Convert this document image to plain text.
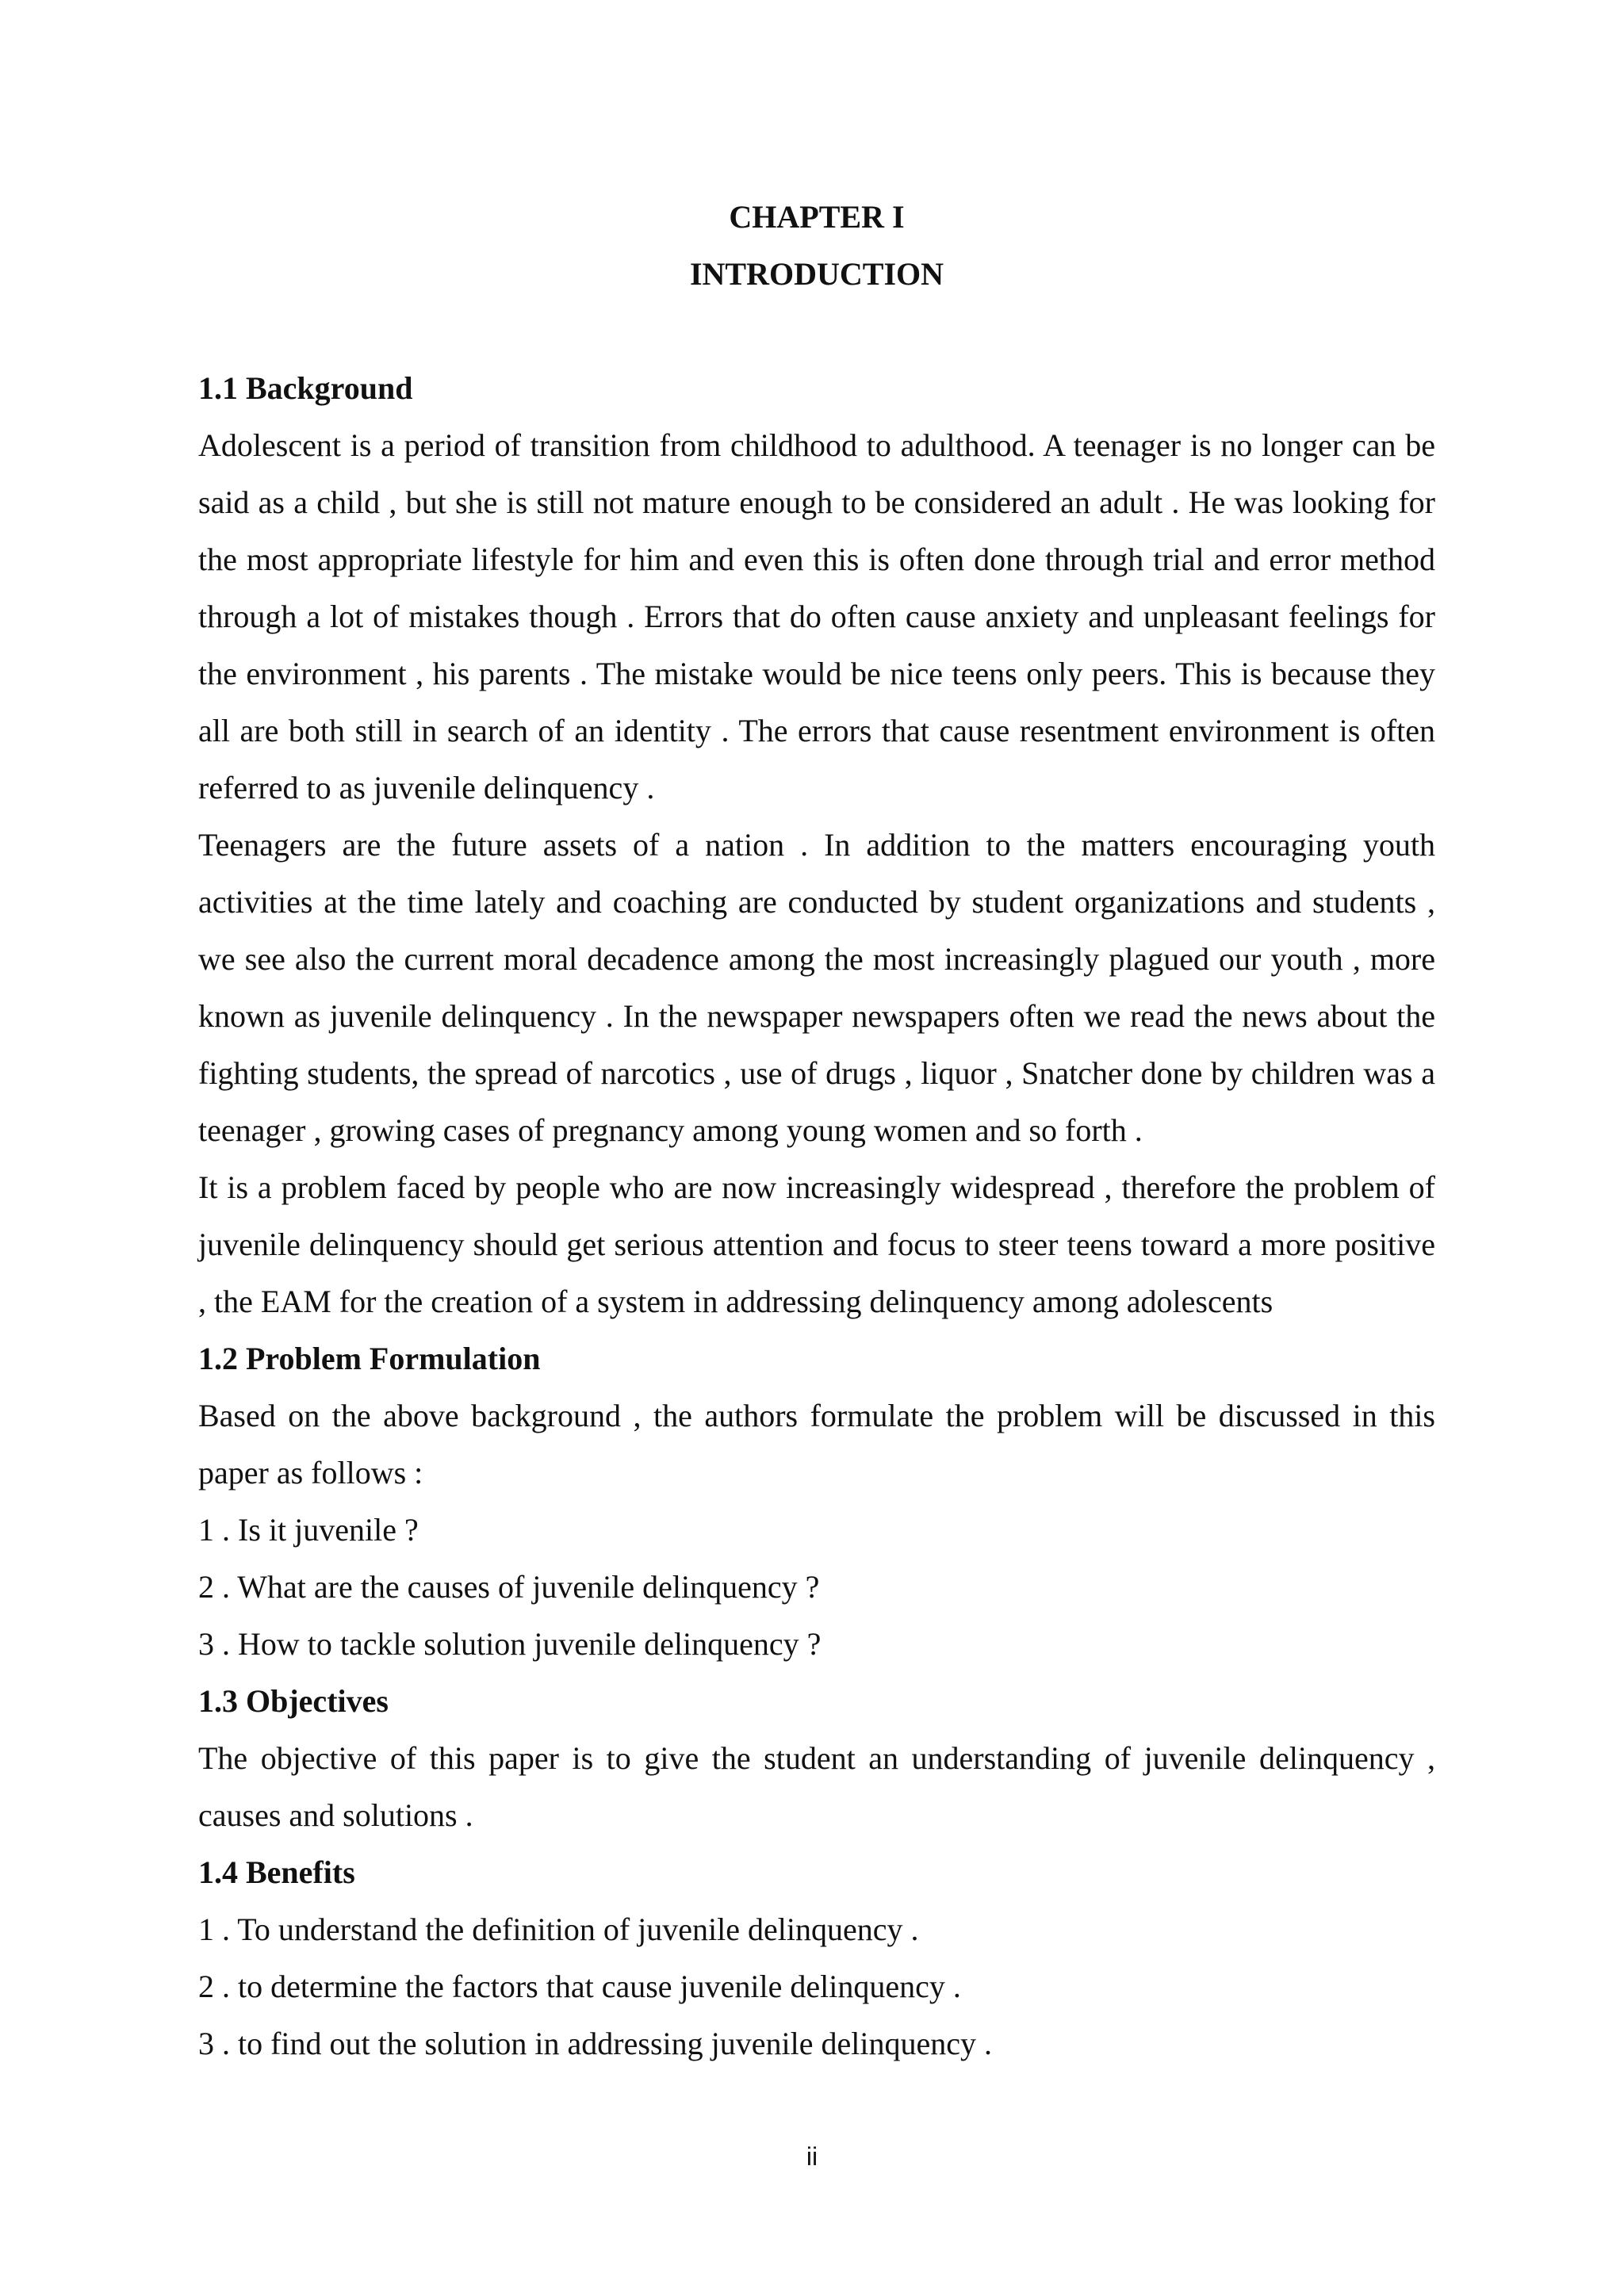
CHAPTER I

INTRODUCTION

1.1 Background

Adolescent is a period of transition from childhood to adulthood. A teenager is no longer can be said as a child , but she is still not mature enough to be considered an adult . He was looking for the most appropriate lifestyle for him and even this is often done through trial and error method through a lot of mistakes though . Errors that do often cause anxiety and unpleasant feelings for the environment , his parents . The mistake would be nice teens only peers. This is because they all are both still in search of an identity . The errors that cause resentment environment is often referred to as juvenile delinquency .

Teenagers are the future assets of a nation . In addition to the matters encouraging youth activities at the time lately and coaching are conducted by student organizations and students , we see also the current moral decadence among the most increasingly plagued our youth , more known as juvenile delinquency . In the newspaper newspapers often we read the news about the fighting students, the spread of narcotics , use of drugs , liquor , Snatcher done by children was a teenager , growing cases of pregnancy among young women and so forth .

It is a problem faced by people who are now increasingly widespread , therefore the problem of juvenile delinquency should get serious attention and focus to steer teens toward a more positive , the EAM for the creation of a system in addressing delinquency among adolescents

1.2 Problem Formulation

Based on the above background , the authors formulate the problem will be discussed in this paper as follows :

1 . Is it juvenile ?

2 . What are the causes of juvenile delinquency ?

3 . How to tackle solution juvenile delinquency ?

1.3 Objectives

The objective of this paper is to give the student an understanding of juvenile delinquency , causes and solutions .

1.4 Benefits

1 . To understand the definition of juvenile delinquency .

2 . to determine the factors that cause juvenile delinquency .

3 . to find out the solution in addressing juvenile delinquency .

ii
